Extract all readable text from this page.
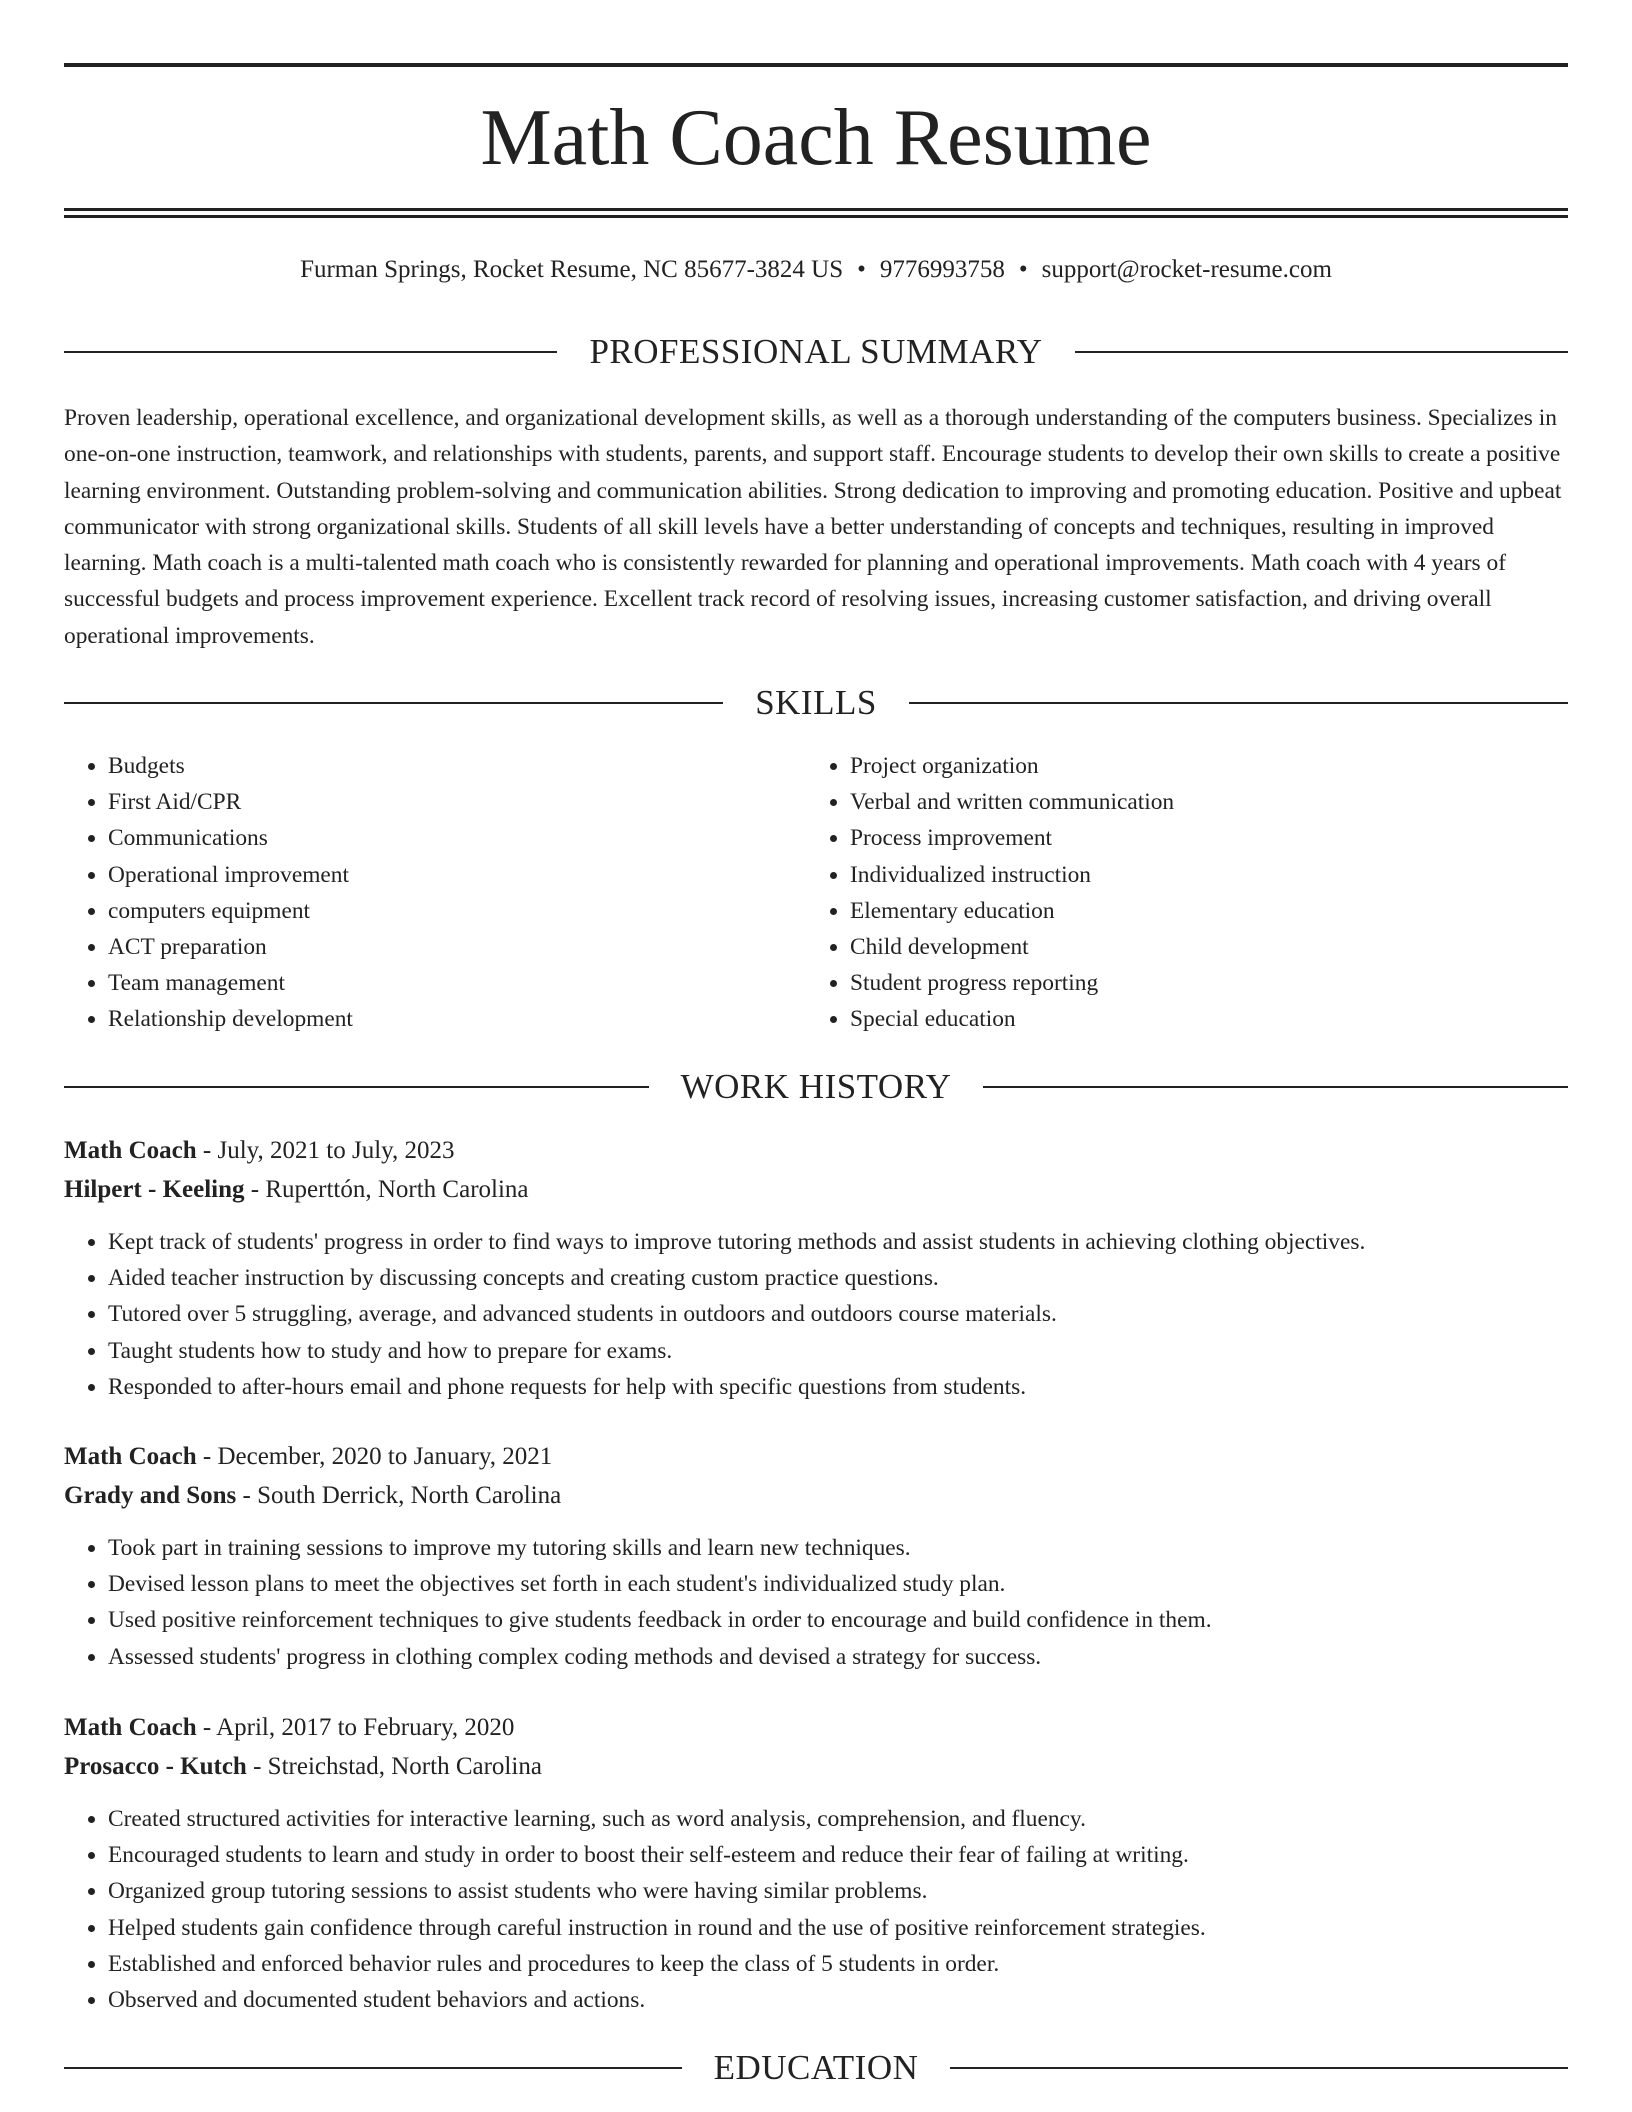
Math Coach Resume
Furman Springs, Rocket Resume, NC 85677-3824 US • 9776993758 • support@rocket-resume.com
PROFESSIONAL SUMMARY

Proven leadership, operational excellence, and organizational development skills, as well as a thorough understanding of the computers business. Specializes in one-on-one instruction, teamwork, and relationships with students, parents, and support staff. Encourage students to develop their own skills to create a positive learning environment. Outstanding problem-solving and communication abilities. Strong dedication to improving and promoting education. Positive and upbeat communicator with strong organizational skills. Students of all skill levels have a better understanding of concepts and techniques, resulting in improved learning. Math coach is a multi-talented math coach who is consistently rewarded for planning and operational improvements. Math coach with 4 years of successful budgets and process improvement experience. Excellent track record of resolving issues, increasing customer satisfaction, and driving overall operational improvements.

SKILLS
• Budgets
• First Aid/CPR
• Communications
• Operational improvement
• computers equipment
• ACT preparation
• Team management
• Relationship development
• Project organization
• Verbal and written communication
• Process improvement
• Individualized instruction
• Elementary education
• Child development
• Student progress reporting
• Special education
WORK HISTORY
Math Coach - July, 2021 to July, 2023
Hilpert - Keeling - Ruperttón, North Carolina
• Kept track of students' progress in order to find ways to improve tutoring methods and assist students in achieving clothing objectives.
• Aided teacher instruction by discussing concepts and creating custom practice questions.
• Tutored over 5 struggling, average, and advanced students in outdoors and outdoors course materials.
• Taught students how to study and how to prepare for exams.
• Responded to after-hours email and phone requests for help with specific questions from students.
Math Coach - December, 2020 to January, 2021
Grady and Sons - South Derrick, North Carolina
• Took part in training sessions to improve my tutoring skills and learn new techniques.
• Devised lesson plans to meet the objectives set forth in each student's individualized study plan.
• Used positive reinforcement techniques to give students feedback in order to encourage and build confidence in them.
• Assessed students' progress in clothing complex coding methods and devised a strategy for success.
Math Coach - April, 2017 to February, 2020
Prosacco - Kutch - Streichstad, North Carolina
• Created structured activities for interactive learning, such as word analysis, comprehension, and fluency.
• Encouraged students to learn and study in order to boost their self-esteem and reduce their fear of failing at writing.
• Organized group tutoring sessions to assist students who were having similar problems.
• Helped students gain confidence through careful instruction in round and the use of positive reinforcement strategies.
• Established and enforced behavior rules and procedures to keep the class of 5 students in order.
• Observed and documented student behaviors and actions.
EDUCATION
